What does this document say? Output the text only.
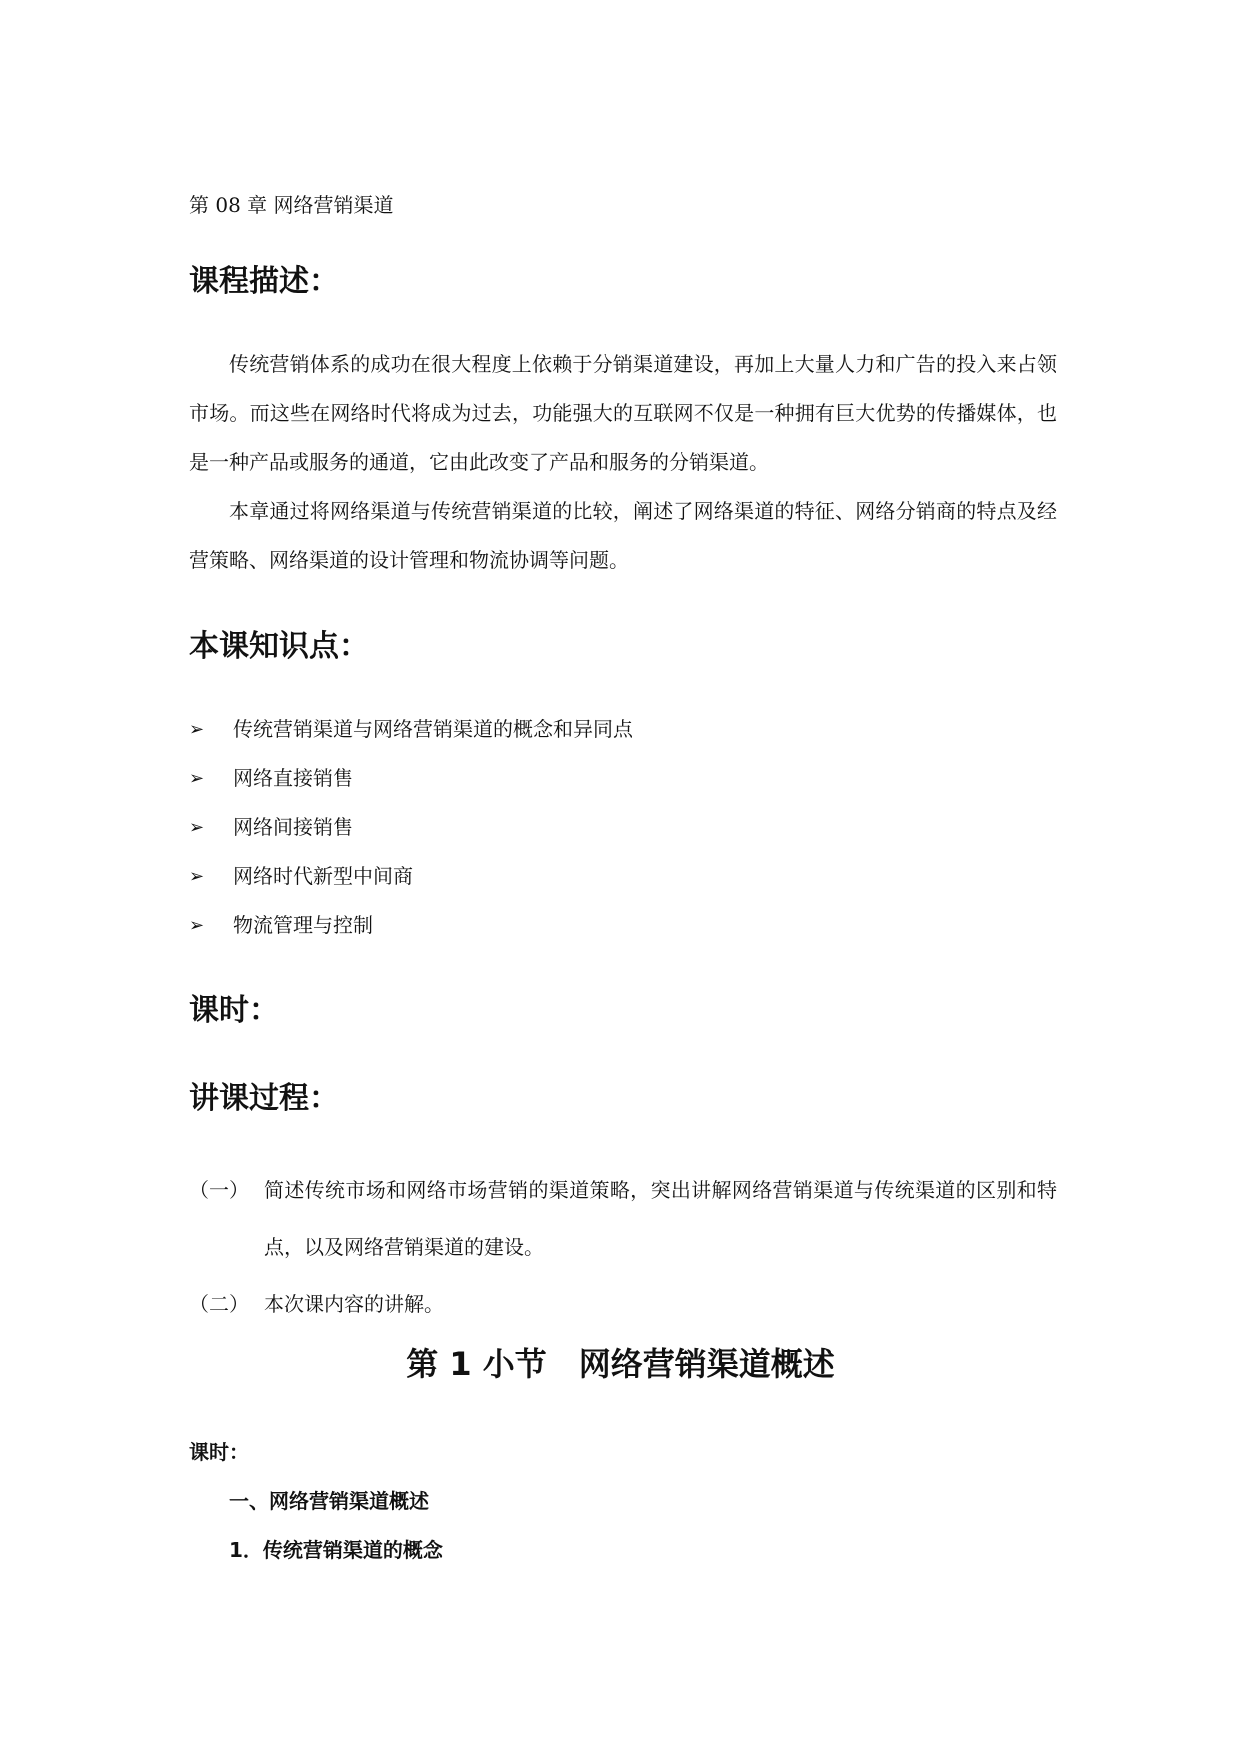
第 08 章 网络营销渠道
课程描述：
传统营销体系的成功在很大程度上依赖于分销渠道建设，再加上大量人力和广告的投入来占领市场。而这些在网络时代将成为过去，功能强大的互联网不仅是一种拥有巨大优势的传播媒体，也是一种产品或服务的通道，它由此改变了产品和服务的分销渠道。
本章通过将网络渠道与传统营销渠道的比较，阐述了网络渠道的特征、网络分销商的特点及经营策略、网络渠道的设计管理和物流协调等问题。
本课知识点：
➢	传统营销渠道与网络营销渠道的概念和异同点
➢	网络直接销售
➢	网络间接销售
➢	网络时代新型中间商
➢	物流管理与控制
课时：
讲课过程：
（一） 简述传统市场和网络市场营销的渠道策略，突出讲解网络营销渠道与传统渠道的区别和特点，以及网络营销渠道的建设。
（二） 本次课内容的讲解。
第 1 小节　网络营销渠道概述
课时：
一、网络营销渠道概述
1．传统营销渠道的概念
